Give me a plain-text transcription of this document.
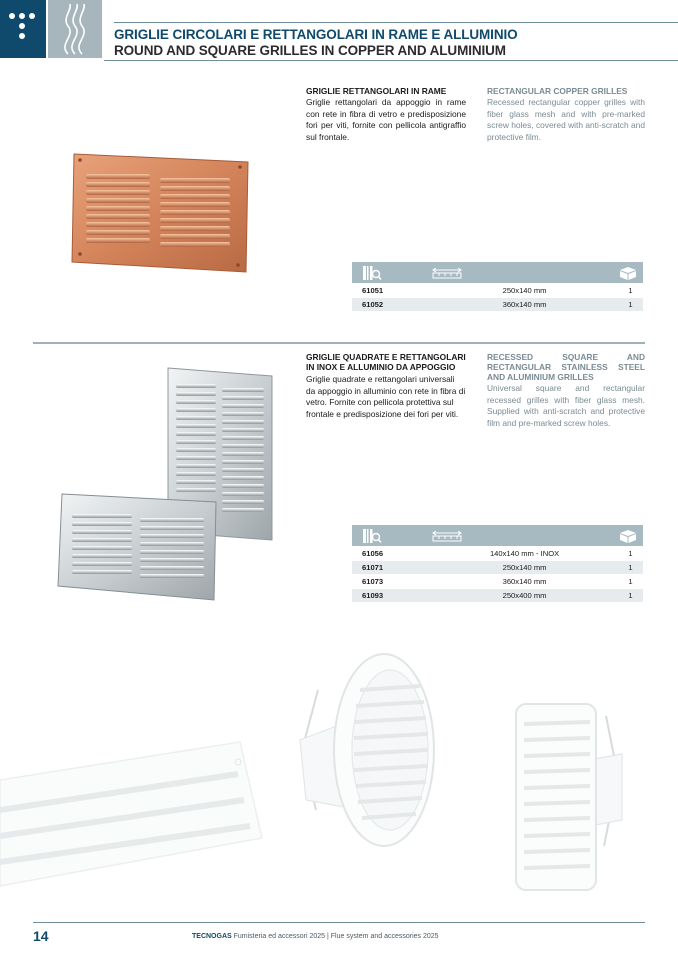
GRIGLIE CIRCOLARI E RETTANGOLARI IN RAME E ALLUMINIO
ROUND AND SQUARE GRILLES IN COPPER AND ALUMINIUM
GRIGLIE RETTANGOLARI IN RAME
Griglie rettangolari da appoggio in rame con rete in fibra di vetro e predisposizione fori per viti, fornite con pellicola antigraffio sul frontale.
RECTANGULAR COPPER GRILLES
Recessed rectangular copper grilles with fiber glass mesh and with pre-marked screw holes, covered with anti-scratch and protective film.

61051	250x140 mm	1
61052	360x140 mm	1
GRIGLIE QUADRATE E RETTANGOLARI IN INOX E ALLUMINIO DA APPOGGIO
Griglie quadrate e rettangolari universali da appoggio in alluminio con rete in fibra di vetro. Fornite con pellicola protettiva sul frontale e predisposizione dei fori per viti.
RECESSED SQUARE AND RECTANGULAR STAINLESS STEEL AND ALUMINIUM GRILLES
Universal square and rectangular recessed grilles with fiber glass mesh. Supplied with anti-scratch and protective film and pre-marked screw holes.

61056	140x140 mm - INOX	1
61071	250x140 mm	1
61073	360x140 mm	1
61093	250x400 mm	1
14	TECNOGAS Fumisteria ed accessori 2025 | Flue system and accessories 2025
